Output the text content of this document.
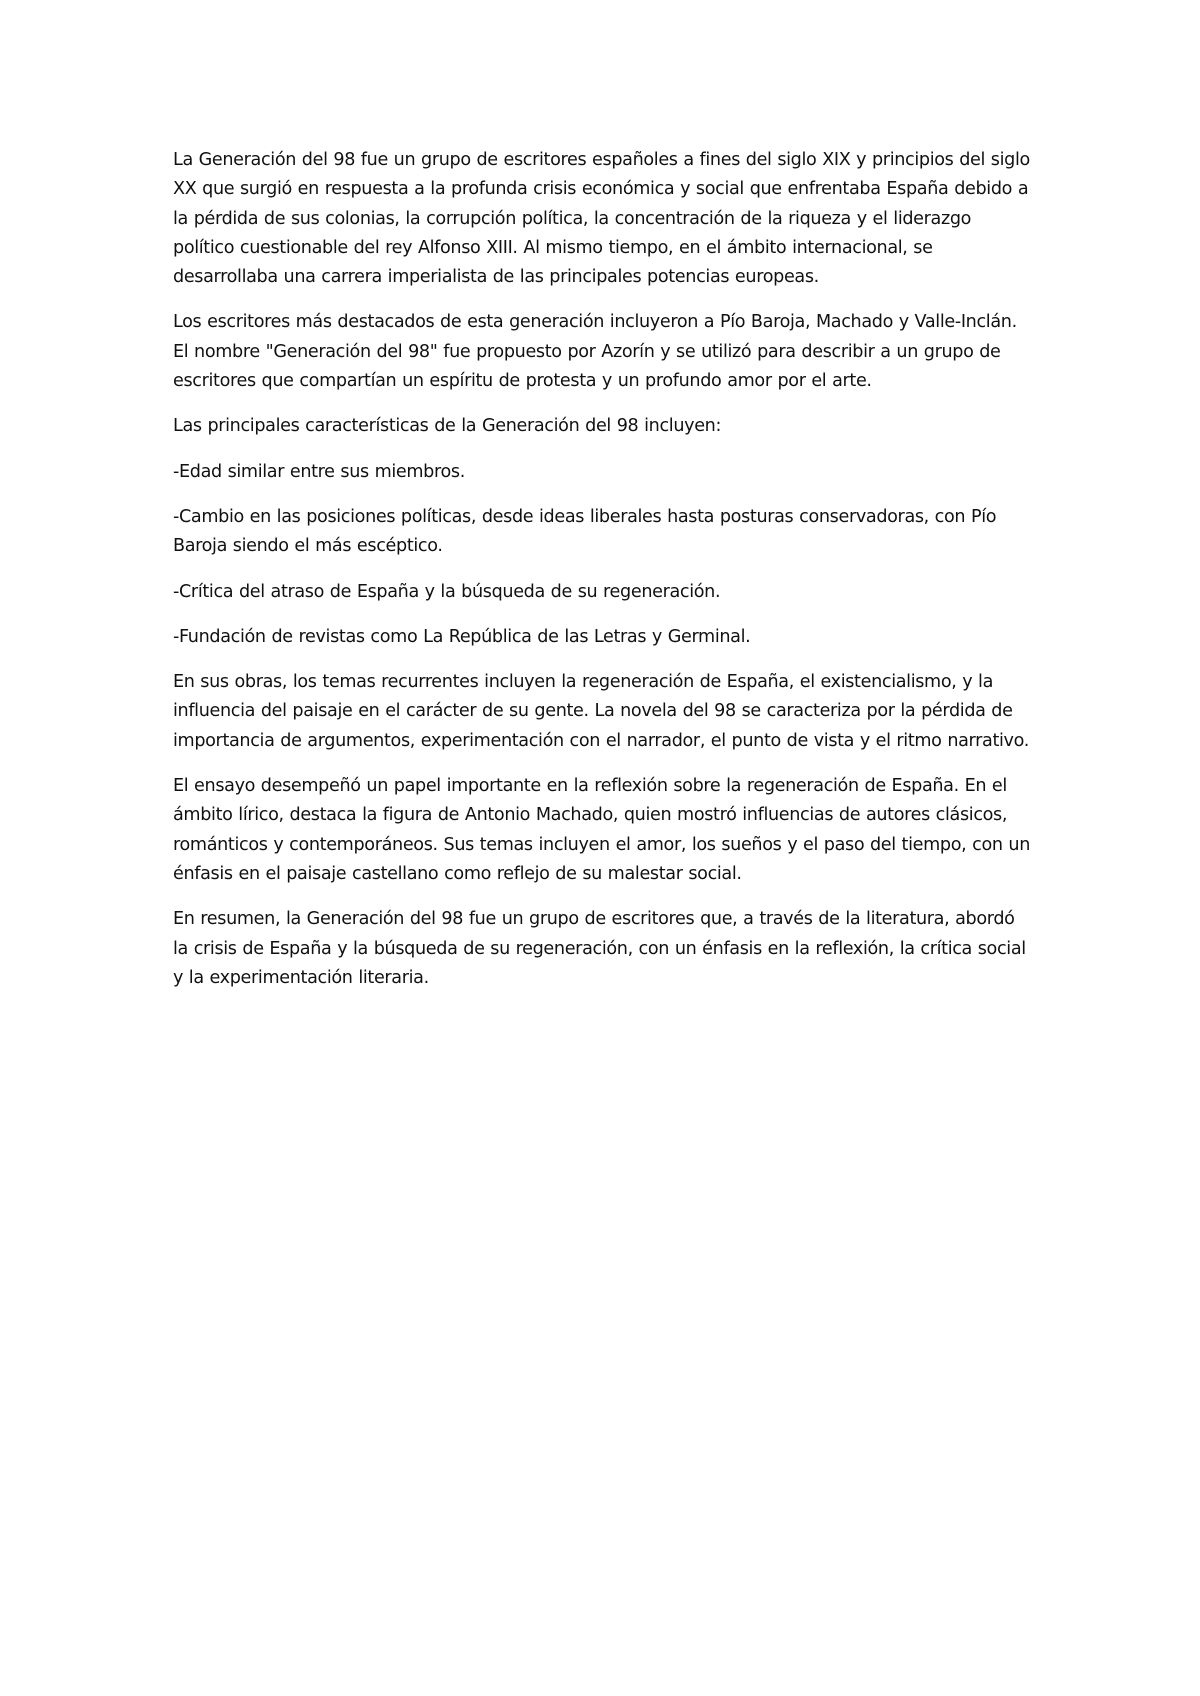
La Generación del 98 fue un grupo de escritores españoles a fines del siglo XIX y principios del siglo XX que surgió en respuesta a la profunda crisis económica y social que enfrentaba España debido a la pérdida de sus colonias, la corrupción política, la concentración de la riqueza y el liderazgo político cuestionable del rey Alfonso XIII. Al mismo tiempo, en el ámbito internacional, se desarrollaba una carrera imperialista de las principales potencias europeas.

Los escritores más destacados de esta generación incluyeron a Pío Baroja, Machado y Valle-Inclán. El nombre "Generación del 98" fue propuesto por Azorín y se utilizó para describir a un grupo de escritores que compartían un espíritu de protesta y un profundo amor por el arte.

Las principales características de la Generación del 98 incluyen:

-Edad similar entre sus miembros.

-Cambio en las posiciones políticas, desde ideas liberales hasta posturas conservadoras, con Pío Baroja siendo el más escéptico.

-Crítica del atraso de España y la búsqueda de su regeneración.

-Fundación de revistas como La República de las Letras y Germinal.

En sus obras, los temas recurrentes incluyen la regeneración de España, el existencialismo, y la influencia del paisaje en el carácter de su gente. La novela del 98 se caracteriza por la pérdida de importancia de argumentos, experimentación con el narrador, el punto de vista y el ritmo narrativo.

El ensayo desempeñó un papel importante en la reflexión sobre la regeneración de España. En el ámbito lírico, destaca la figura de Antonio Machado, quien mostró influencias de autores clásicos, románticos y contemporáneos. Sus temas incluyen el amor, los sueños y el paso del tiempo, con un énfasis en el paisaje castellano como reflejo de su malestar social.

En resumen, la Generación del 98 fue un grupo de escritores que, a través de la literatura, abordó la crisis de España y la búsqueda de su regeneración, con un énfasis en la reflexión, la crítica social y la experimentación literaria.
